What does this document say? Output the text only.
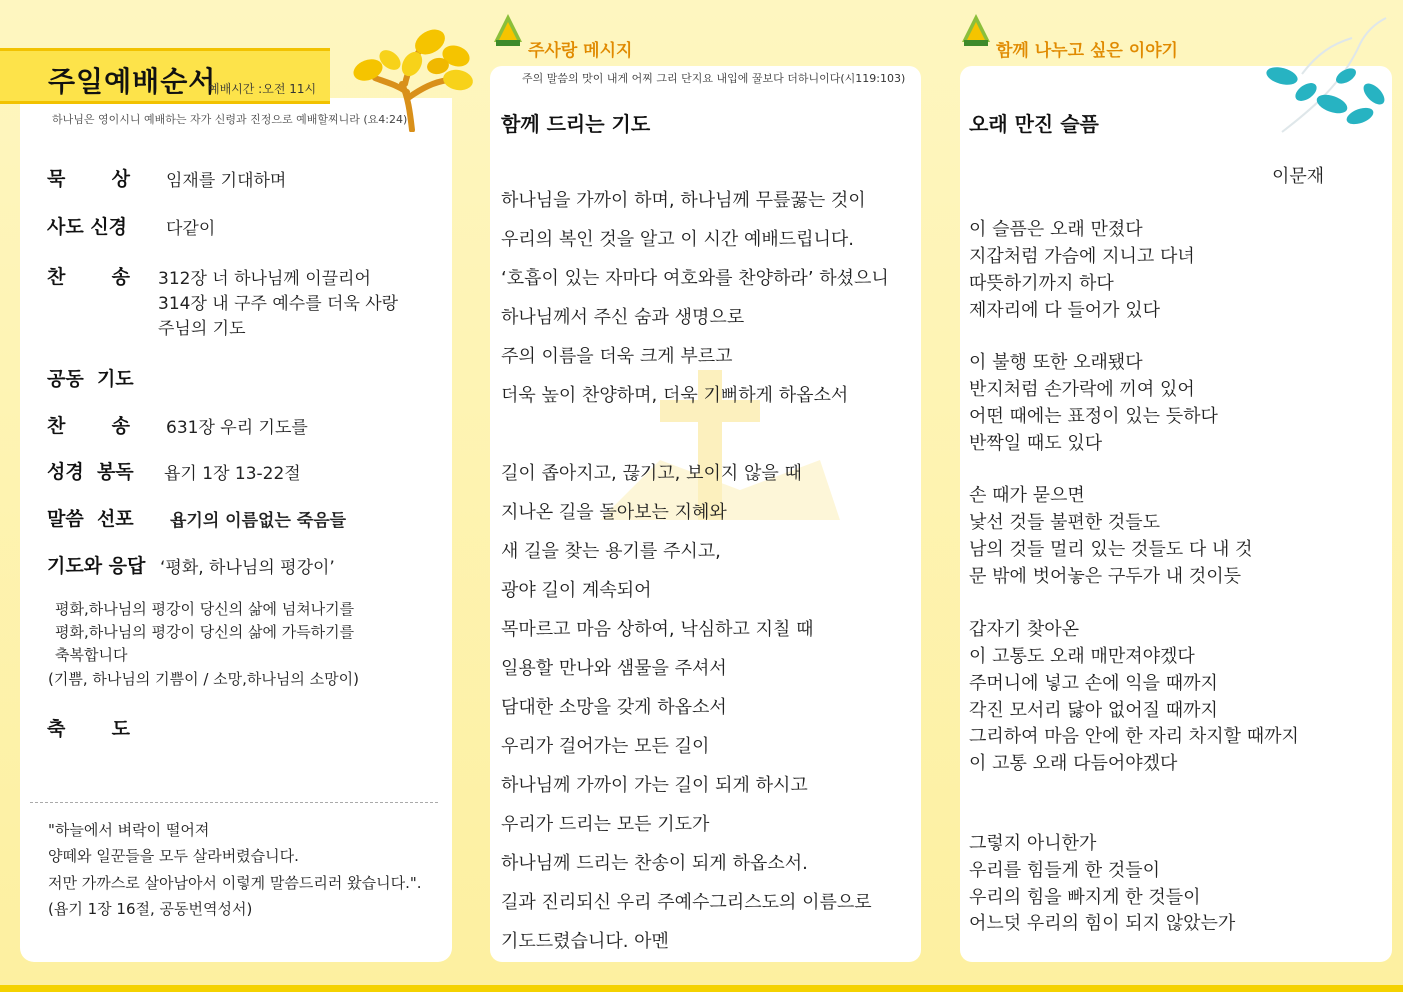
주일예배순서
예배시간 :오전 11시
하나님은 영이시니 예배하는 자가 신령과 진정으로 예배할찌니라 (요4:24)
묵       상 임재를 기대하며
사도 신경 다같이
찬       송 312장 너 하나님께 이끌리어
314장 내 구주 예수를 더욱 사랑
주님의 기도
공동  기도
찬       송 631장 우리 기도를
성경  봉독 욥기 1장 13-22절
말씀  선포 욥기의 이름없는 죽음들
기도와 응답 ‘평화, 하나님의 평강이’
평화,하나님의 평강이 당신의 삶에 넘쳐나기를
평화,하나님의 평강이 당신의 삶에 가득하기를
축복합니다
(기쁨, 하나님의 기쁨이 / 소망,하나님의 소망이)
축       도
"하늘에서 벼락이 떨어져
양떼와 일꾼들을 모두 살라버렸습니다.
저만 가까스로 살아남아서 이렇게 말씀드리러 왔습니다.".
(욥기 1장 16절, 공동번역성서)
주사랑 메시지
주의 말씀의 맛이 내게 어찌 그리 단지요 내입에 꿀보다 더하니이다(시119:103)
함께 드리는 기도
하나님을 가까이 하며, 하나님께 무릎꿇는 것이
우리의 복인 것을 알고 이 시간 예배드립니다.
‘호흡이 있는 자마다 여호와를 찬양하라’ 하셨으니
하나님께서 주신 숨과 생명으로
주의 이름을 더욱 크게 부르고
더욱 높이 찬양하며, 더욱 기뻐하게 하옵소서
길이 좁아지고, 끊기고, 보이지 않을 때
지나온 길을 돌아보는 지혜와
새 길을 찾는 용기를 주시고,
광야 길이 계속되어
목마르고 마음 상하여, 낙심하고 지칠 때
일용할 만나와 샘물을 주셔서
담대한 소망을 갖게 하옵소서
우리가 걸어가는 모든 길이
하나님께 가까이 가는 길이 되게 하시고
우리가 드리는 모든 기도가
하나님께 드리는 찬송이 되게 하옵소서.
길과 진리되신 우리 주예수그리스도의 이름으로
기도드렸습니다. 아멘
함께 나누고 싶은 이야기
오래 만진 슬픔
이문재
이 슬픔은 오래 만졌다
지갑처럼 가슴에 지니고 다녀
따뜻하기까지 하다
제자리에 다 들어가 있다
이 불행 또한 오래됐다
반지처럼 손가락에 끼여 있어
어떤 때에는 표정이 있는 듯하다
반짝일 때도 있다
손 때가 묻으면
낯선 것들 불편한 것들도
남의 것들 멀리 있는 것들도 다 내 것
문 밖에 벗어놓은 구두가 내 것이듯
갑자기 찾아온
이 고통도 오래 매만져야겠다
주머니에 넣고 손에 익을 때까지
각진 모서리 닳아 없어질 때까지
그리하여 마음 안에 한 자리 차지할 때까지
이 고통 오래 다듬어야겠다
그렇지 아니한가
우리를 힘들게 한 것들이
우리의 힘을 빠지게 한 것들이
어느덧 우리의 힘이 되지 않았는가
